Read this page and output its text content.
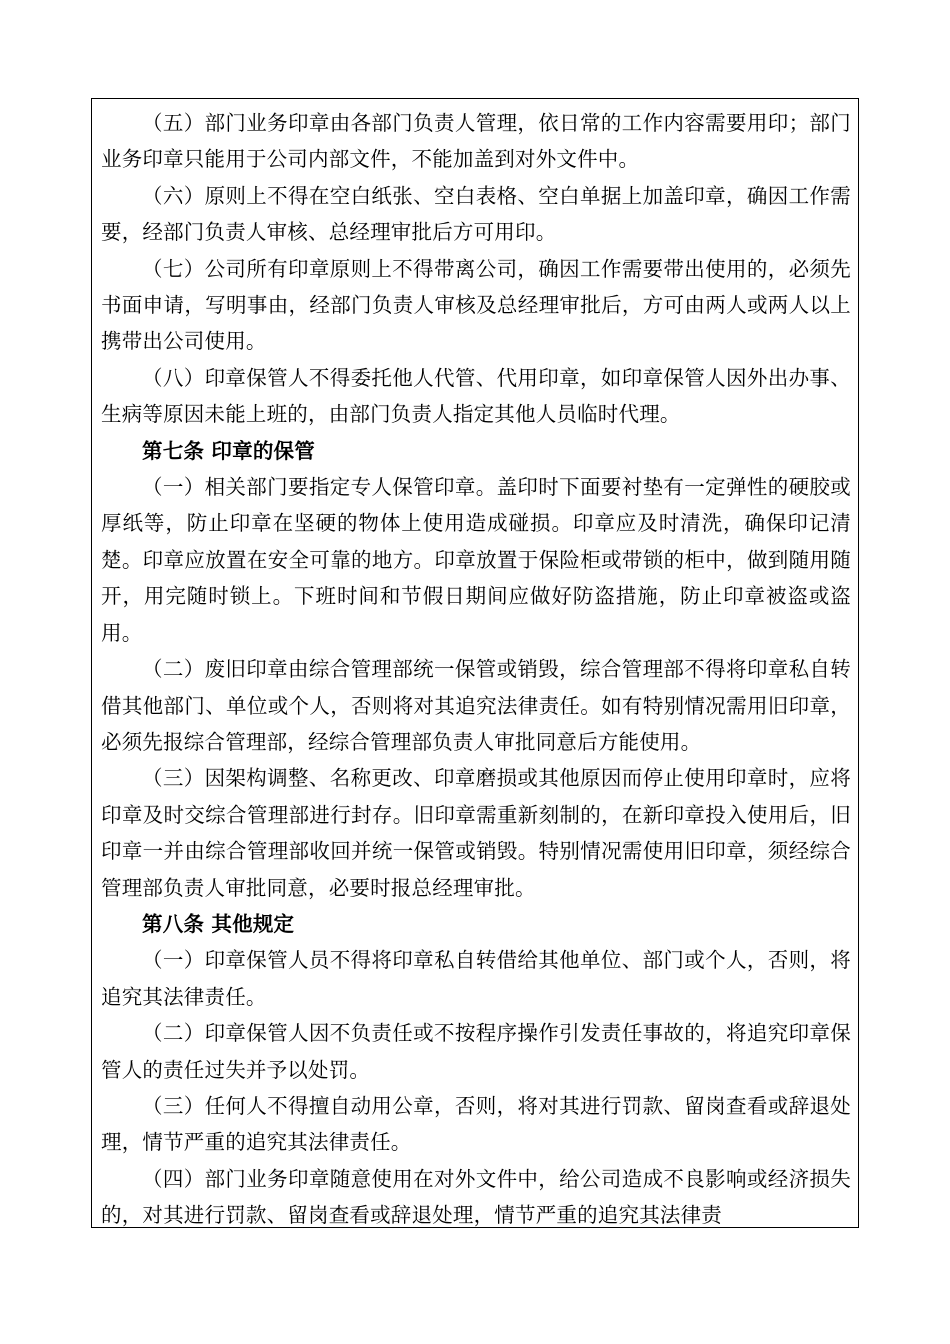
（五）部门业务印章由各部门负责人管理，依日常的工作内容需要用印；部门业务印章只能用于公司内部文件，不能加盖到对外文件中。

（六）原则上不得在空白纸张、空白表格、空白单据上加盖印章，确因工作需要，经部门负责人审核、总经理审批后方可用印。

（七）公司所有印章原则上不得带离公司，确因工作需要带出使用的，必须先书面申请，写明事由，经部门负责人审核及总经理审批后，方可由两人或两人以上携带出公司使用。

（八）印章保管人不得委托他人代管、代用印章，如印章保管人因外出办事、生病等原因未能上班的，由部门负责人指定其他人员临时代理。

第七条 印章的保管

（一）相关部门要指定专人保管印章。盖印时下面要衬垫有一定弹性的硬胶或厚纸等，防止印章在坚硬的物体上使用造成碰损。印章应及时清洗，确保印记清楚。印章应放置在安全可靠的地方。印章放置于保险柜或带锁的柜中，做到随用随开，用完随时锁上。下班时间和节假日期间应做好防盗措施，防止印章被盗或盗用。

（二）废旧印章由综合管理部统一保管或销毁，综合管理部不得将印章私自转借其他部门、单位或个人，否则将对其追究法律责任。如有特别情况需用旧印章，必须先报综合管理部，经综合管理部负责人审批同意后方能使用。

（三）因架构调整、名称更改、印章磨损或其他原因而停止使用印章时，应将印章及时交综合管理部进行封存。旧印章需重新刻制的，在新印章投入使用后，旧印章一并由综合管理部收回并统一保管或销毁。特别情况需使用旧印章，须经综合管理部负责人审批同意，必要时报总经理审批。

第八条 其他规定

（一）印章保管人员不得将印章私自转借给其他单位、部门或个人，否则，将追究其法律责任。

（二）印章保管人因不负责任或不按程序操作引发责任事故的，将追究印章保管人的责任过失并予以处罚。

（三）任何人不得擅自动用公章，否则，将对其进行罚款、留岗查看或辞退处理，情节严重的追究其法律责任。

（四）部门业务印章随意使用在对外文件中，给公司造成不良影响或经济损失的，对其进行罚款、留岗查看或辞退处理，情节严重的追究其法律责
